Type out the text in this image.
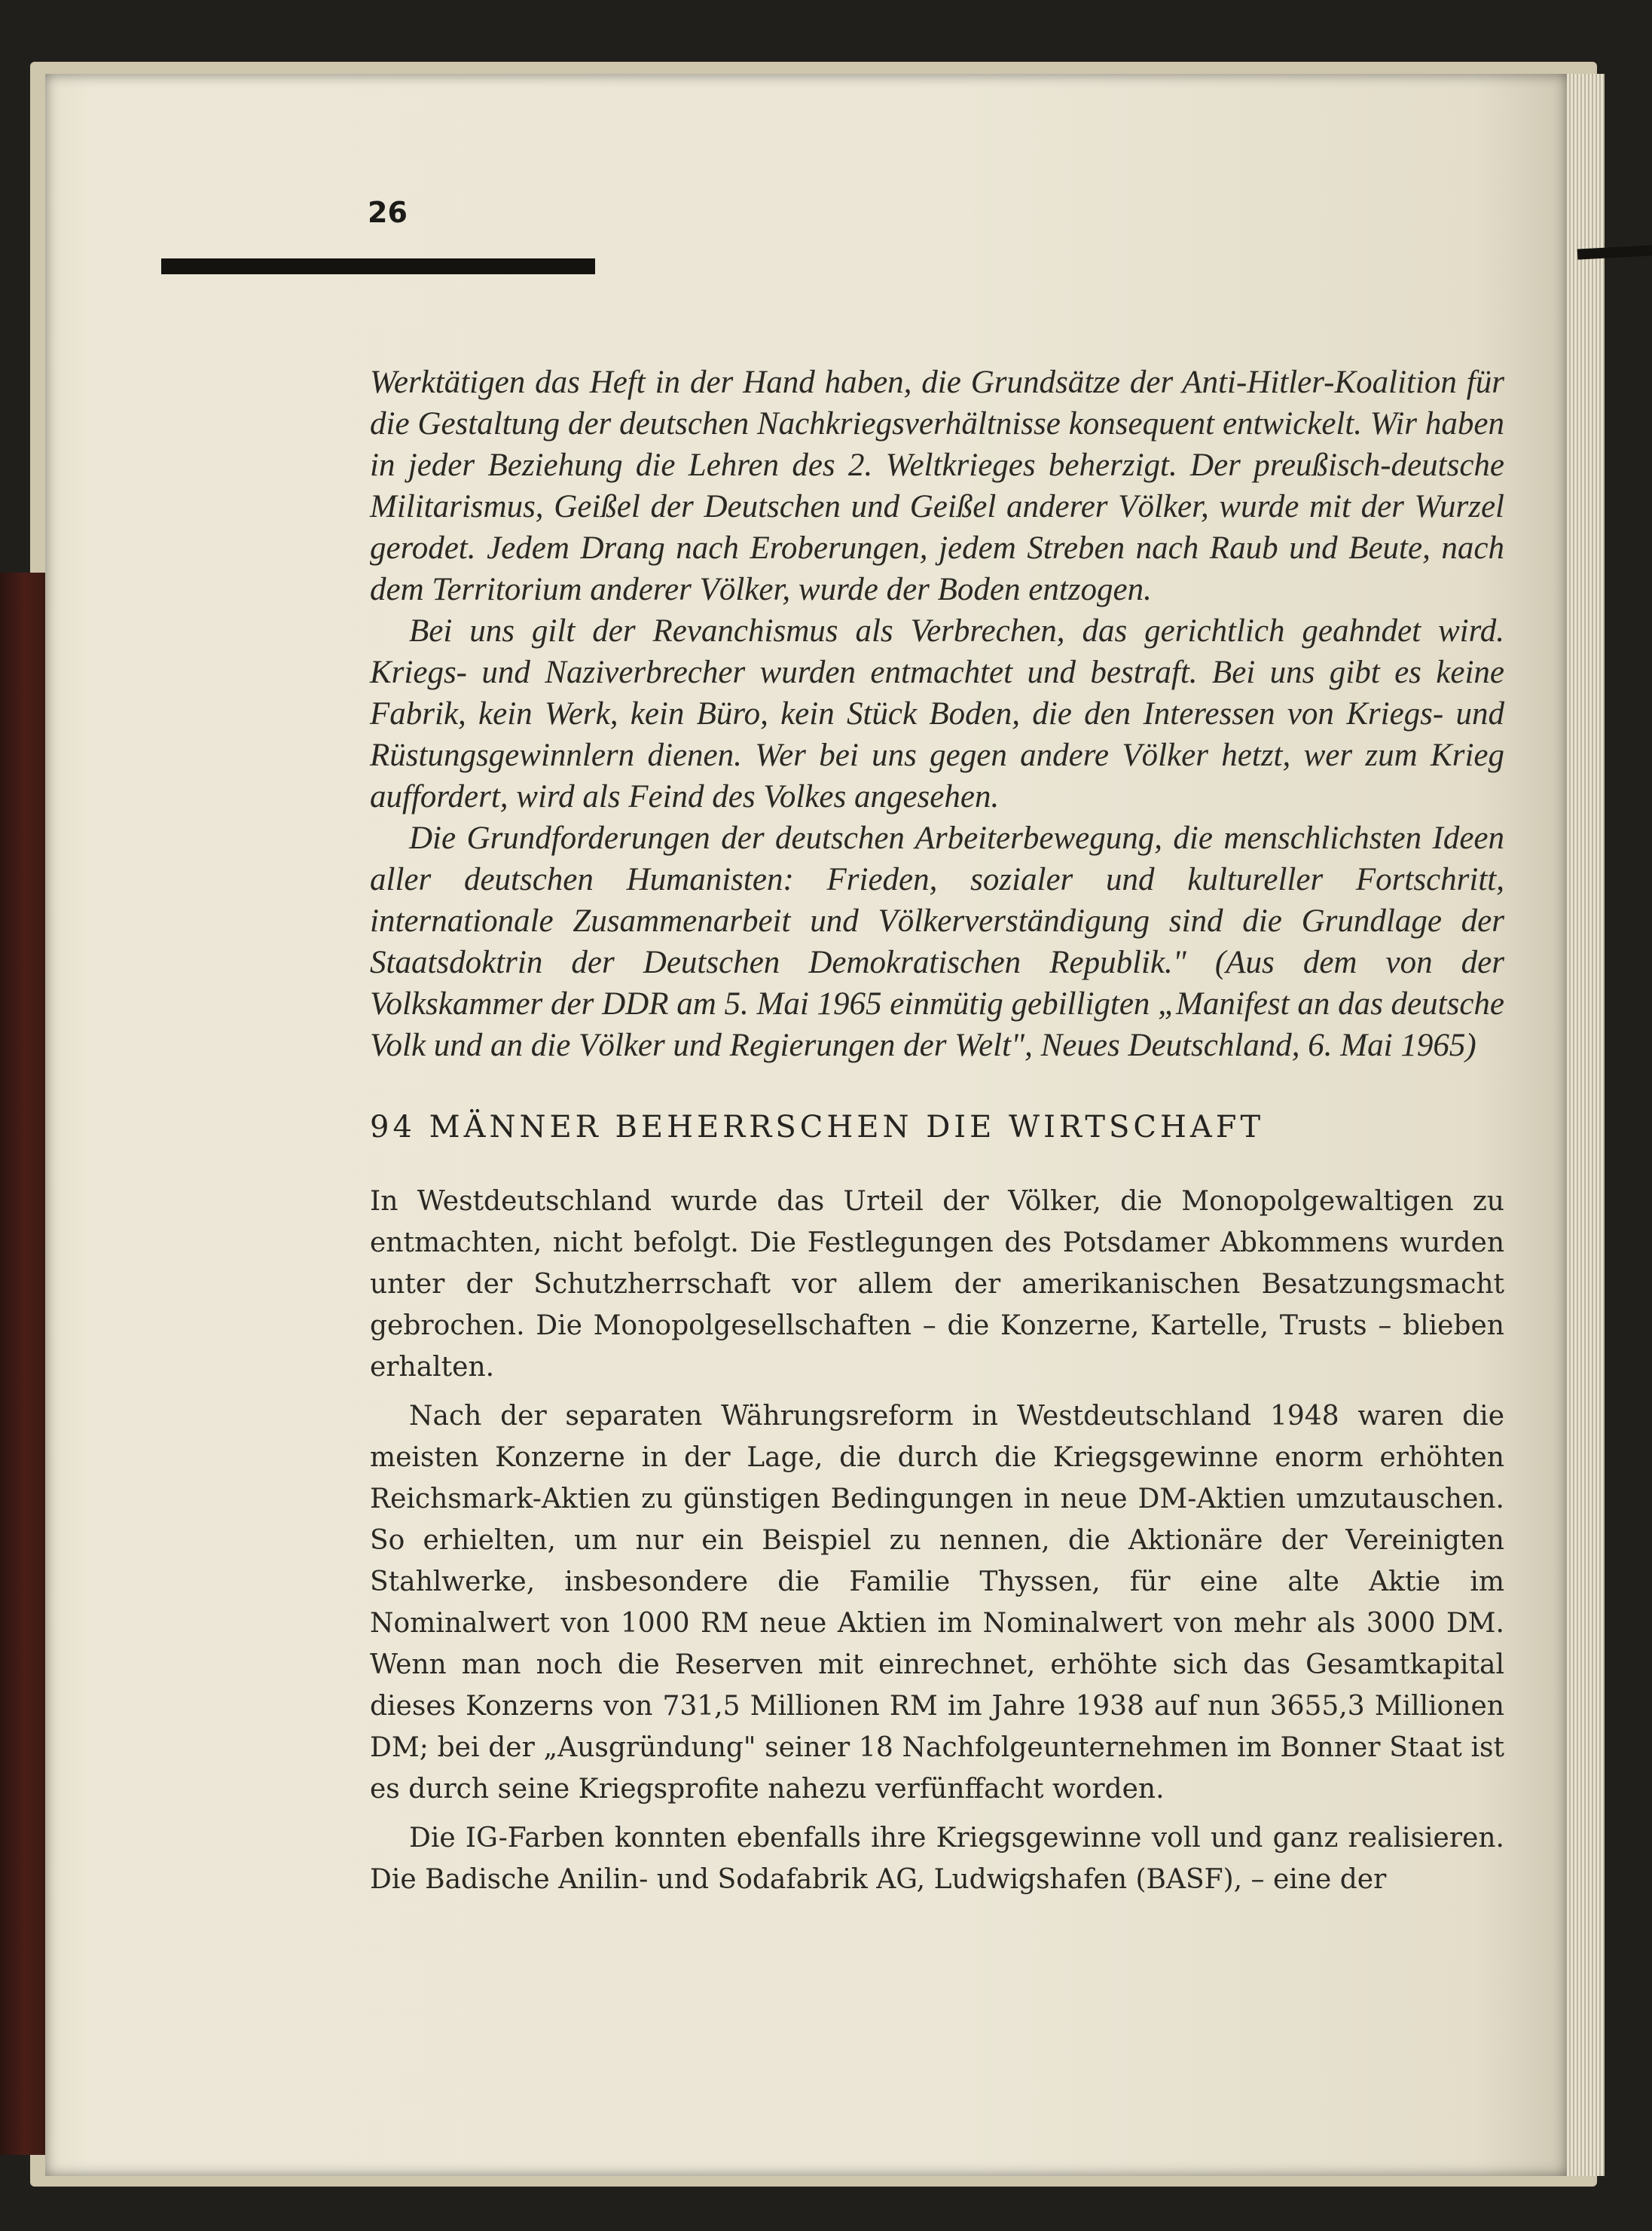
26

Werktätigen das Heft in der Hand haben, die Grundsätze der Anti-Hitler-Koalition für die Gestaltung der deutschen Nachkriegsverhältnisse konsequent entwickelt. Wir haben in jeder Beziehung die Lehren des 2. Weltkrieges beherzigt. Der preußisch-deutsche Militarismus, Geißel der Deutschen und Geißel anderer Völker, wurde mit der Wurzel gerodet. Jedem Drang nach Eroberungen, jedem Streben nach Raub und Beute, nach dem Territorium anderer Völker, wurde der Boden entzogen.

Bei uns gilt der Revanchismus als Verbrechen, das gerichtlich geahndet wird. Kriegs- und Naziverbrecher wurden entmachtet und bestraft. Bei uns gibt es keine Fabrik, kein Werk, kein Büro, kein Stück Boden, die den Interessen von Kriegs- und Rüstungsgewinnlern dienen. Wer bei uns gegen andere Völker hetzt, wer zum Krieg auffordert, wird als Feind des Volkes angesehen.

Die Grundforderungen der deutschen Arbeiterbewegung, die menschlichsten Ideen aller deutschen Humanisten: Frieden, sozialer und kultureller Fortschritt, internationale Zusammenarbeit und Völkerverständigung sind die Grundlage der Staatsdoktrin der Deutschen Demokratischen Republik." (Aus dem von der Volkskammer der DDR am 5. Mai 1965 einmütig gebilligten „Manifest an das deutsche Volk und an die Völker und Regierungen der Welt", Neues Deutschland, 6. Mai 1965)

94 MÄNNER BEHERRSCHEN DIE WIRTSCHAFT

In Westdeutschland wurde das Urteil der Völker, die Monopolgewaltigen zu entmachten, nicht befolgt. Die Festlegungen des Potsdamer Abkommens wurden unter der Schutzherrschaft vor allem der amerikanischen Besatzungsmacht gebrochen. Die Monopolgesellschaften – die Konzerne, Kartelle, Trusts – blieben erhalten.

Nach der separaten Währungsreform in Westdeutschland 1948 waren die meisten Konzerne in der Lage, die durch die Kriegsgewinne enorm erhöhten Reichsmark-Aktien zu günstigen Bedingungen in neue DM-Aktien umzutauschen. So erhielten, um nur ein Beispiel zu nennen, die Aktionäre der Vereinigten Stahlwerke, insbesondere die Familie Thyssen, für eine alte Aktie im Nominalwert von 1000 RM neue Aktien im Nominalwert von mehr als 3000 DM. Wenn man noch die Reserven mit einrechnet, erhöhte sich das Gesamtkapital dieses Konzerns von 731,5 Millionen RM im Jahre 1938 auf nun 3655,3 Millionen DM; bei der „Ausgründung" seiner 18 Nachfolgeunternehmen im Bonner Staat ist es durch seine Kriegsprofite nahezu verfünffacht worden.

Die IG-Farben konnten ebenfalls ihre Kriegsgewinne voll und ganz realisieren. Die Badische Anilin- und Sodafabrik AG, Ludwigshafen (BASF), – eine der
